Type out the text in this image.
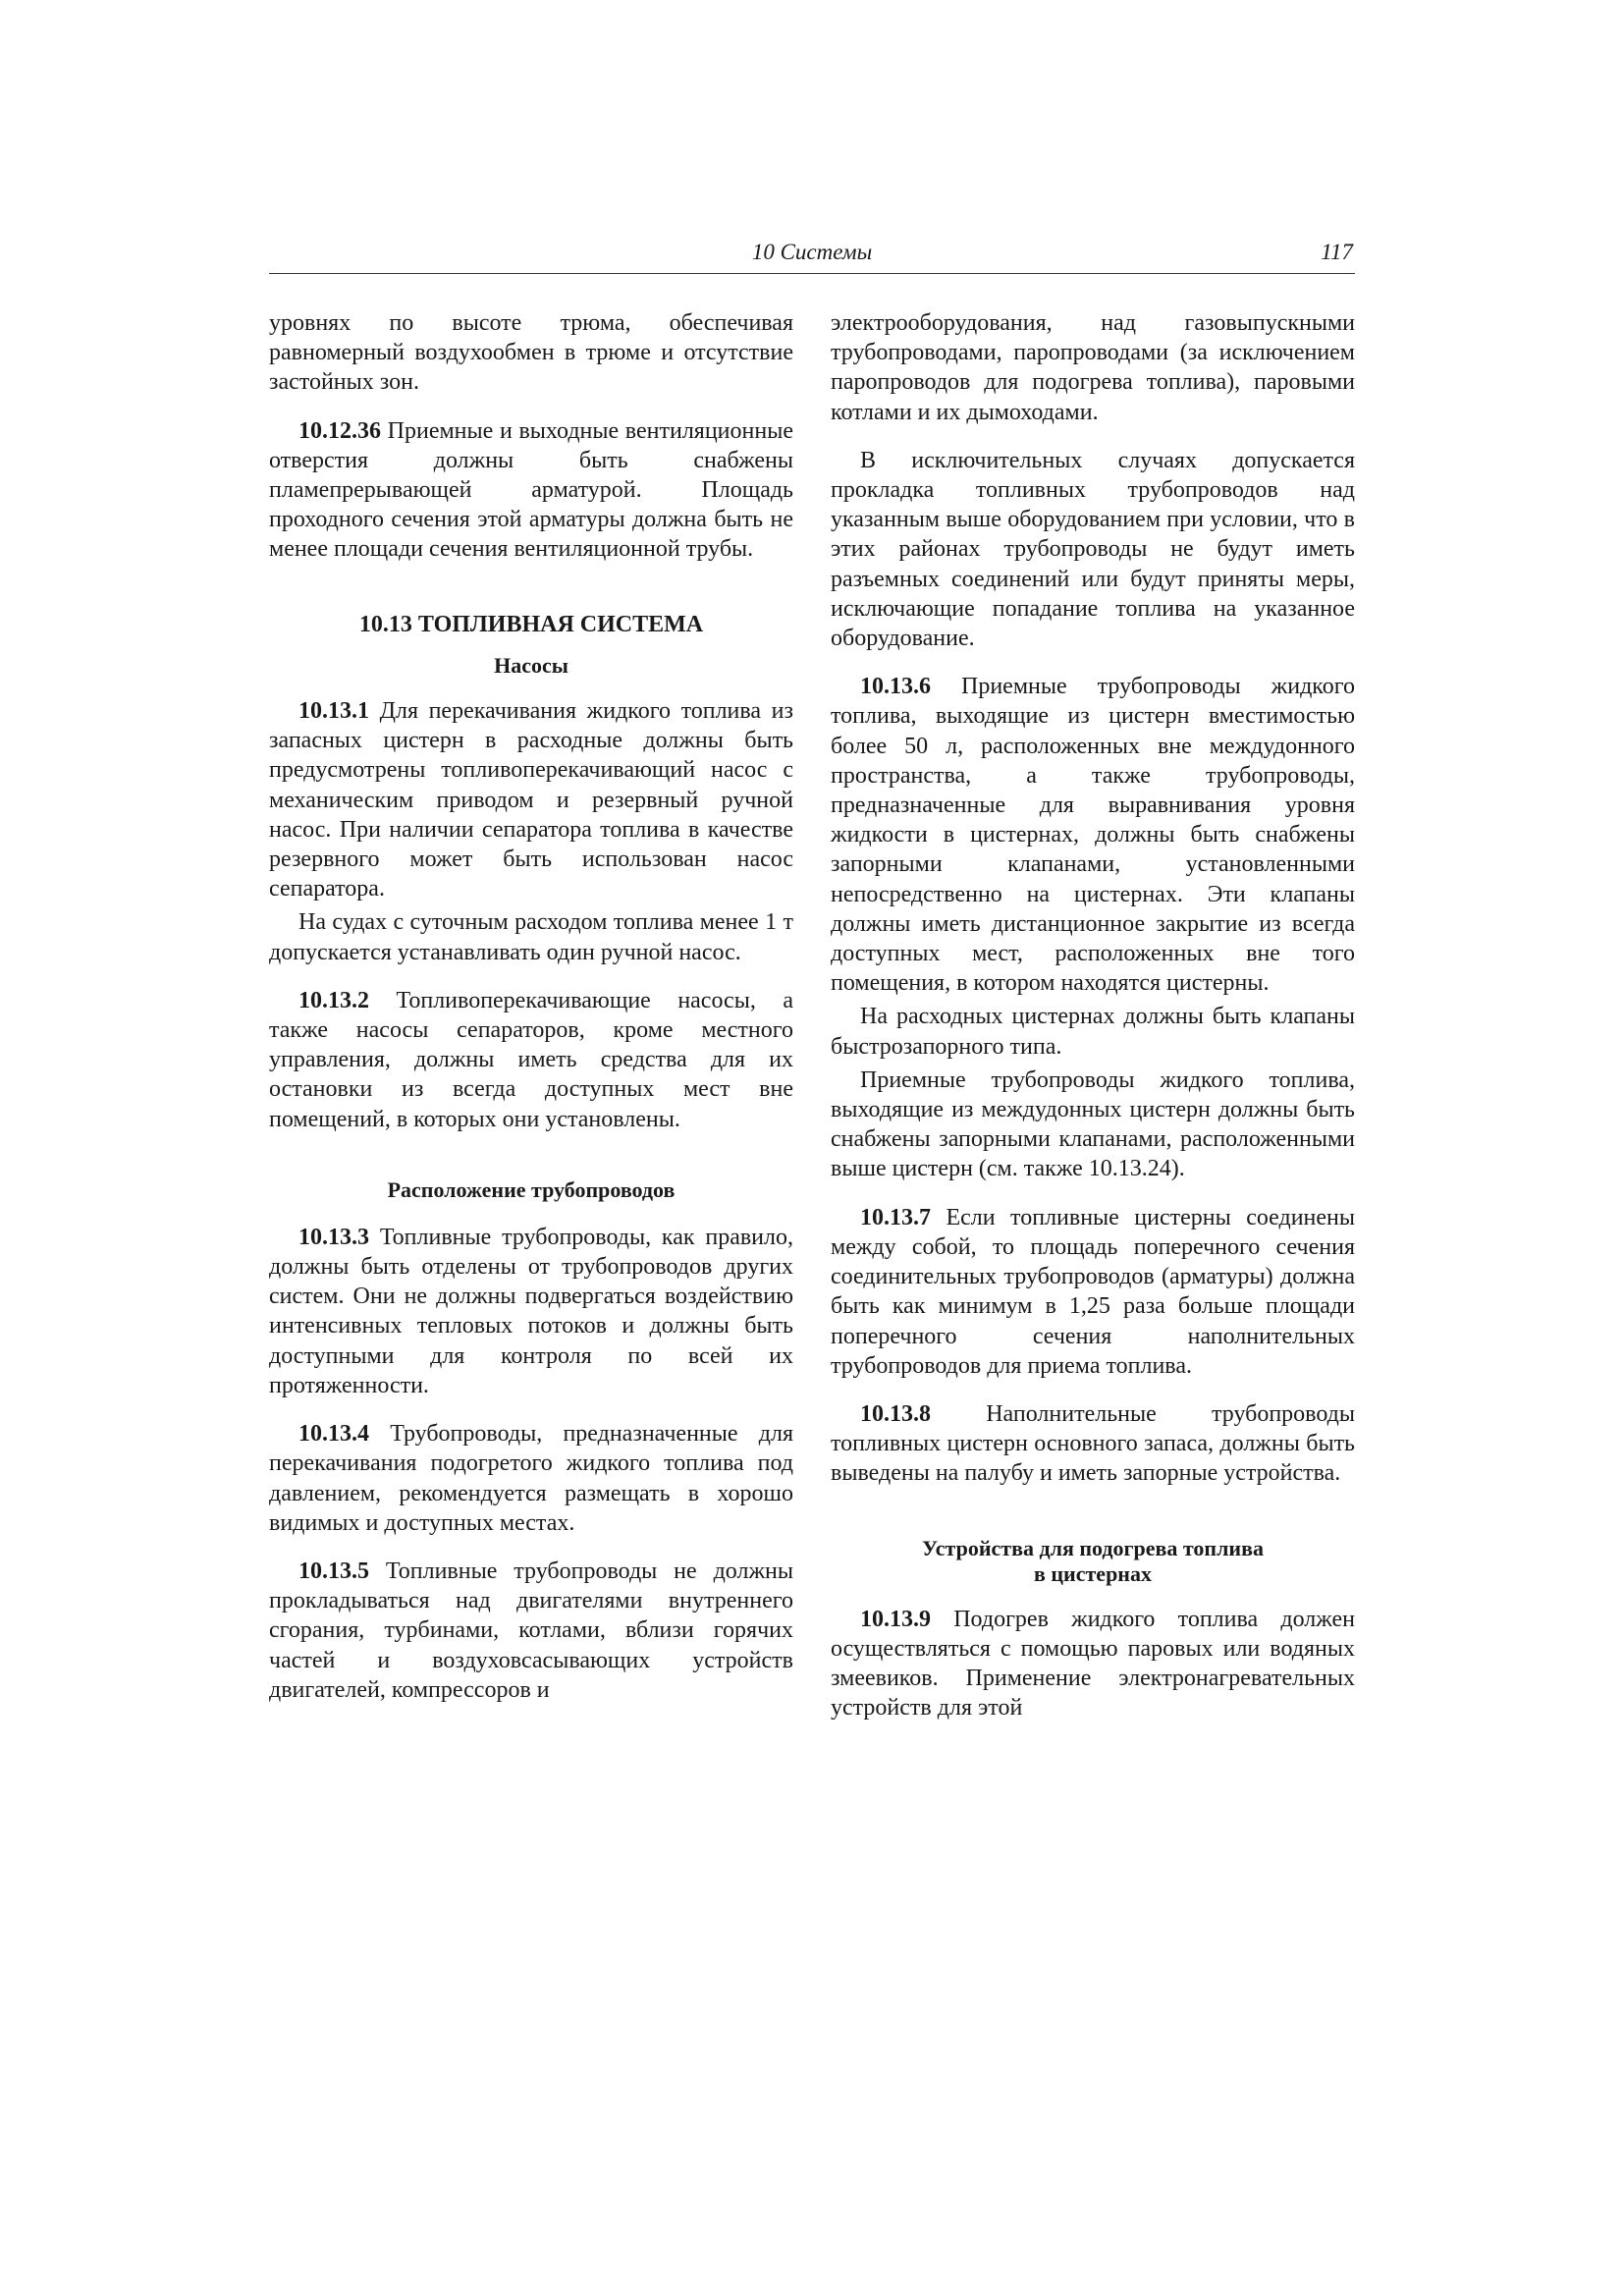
10 Системы	117

уровнях по высоте трюма, обеспечивая равномерный воздухообмен в трюме и отсутствие застойных зон.

10.12.36 Приемные и выходные вентиляционные отверстия должны быть снабжены пламепрерывающей арматурой. Площадь проходного сечения этой арматуры должна быть не менее площади сечения вентиляционной трубы.

10.13 ТОПЛИВНАЯ СИСТЕМА
Насосы

10.13.1 Для перекачивания жидкого топлива из запасных цистерн в расходные должны быть предусмотрены топливоперекачивающий насос с механическим приводом и резервный ручной насос. При наличии сепаратора топлива в качестве резервного может быть использован насос сепаратора.

На судах с суточным расходом топлива менее 1 т допускается устанавливать один ручной насос.

10.13.2 Топливоперекачивающие насосы, а также насосы сепараторов, кроме местного управления, должны иметь средства для их остановки из всегда доступных мест вне помещений, в которых они установлены.

Расположение трубопроводов

10.13.3 Топливные трубопроводы, как правило, должны быть отделены от трубопроводов других систем. Они не должны подвергаться воздействию интенсивных тепловых потоков и должны быть доступными для контроля по всей их протяженности.

10.13.4 Трубопроводы, предназначенные для перекачивания подогретого жидкого топлива под давлением, рекомендуется размещать в хорошо видимых и доступных местах.

10.13.5 Топливные трубопроводы не должны прокладываться над двигателями внутреннего сгорания, турбинами, котлами, вблизи горячих частей и воздуховсасывающих устройств двигателей, компрессоров и

электрооборудования, над газовыпускными трубопроводами, паропроводами (за исключением паропроводов для подогрева топлива), паровыми котлами и их дымоходами.

В исключительных случаях допускается прокладка топливных трубопроводов над указанным выше оборудованием при условии, что в этих районах трубопроводы не будут иметь разъемных соединений или будут приняты меры, исключающие попадание топлива на указанное оборудование.

10.13.6 Приемные трубопроводы жидкого топлива, выходящие из цистерн вместимостью более 50 л, расположенных вне междудонного пространства, а также трубопроводы, предназначенные для выравнивания уровня жидкости в цистернах, должны быть снабжены запорными клапанами, установленными непосредственно на цистернах. Эти клапаны должны иметь дистанционное закрытие из всегда доступных мест, расположенных вне того помещения, в котором находятся цистерны.

На расходных цистернах должны быть клапаны быстрозапорного типа.

Приемные трубопроводы жидкого топлива, выходящие из междудонных цистерн должны быть снабжены запорными клапанами, расположенными выше цистерн (см. также 10.13.24).

10.13.7 Если топливные цистерны соединены между собой, то площадь поперечного сечения соединительных трубопроводов (арматуры) должна быть как минимум в 1,25 раза больше площади поперечного сечения наполнительных трубопроводов для приема топлива.

10.13.8 Наполнительные трубопроводы топливных цистерн основного запаса, должны быть выведены на палубу и иметь запорные устройства.

Устройства для подогрева топлива
в цистернах

10.13.9 Подогрев жидкого топлива должен осуществляться с помощью паровых или водяных змеевиков. Применение электронагревательных устройств для этой
